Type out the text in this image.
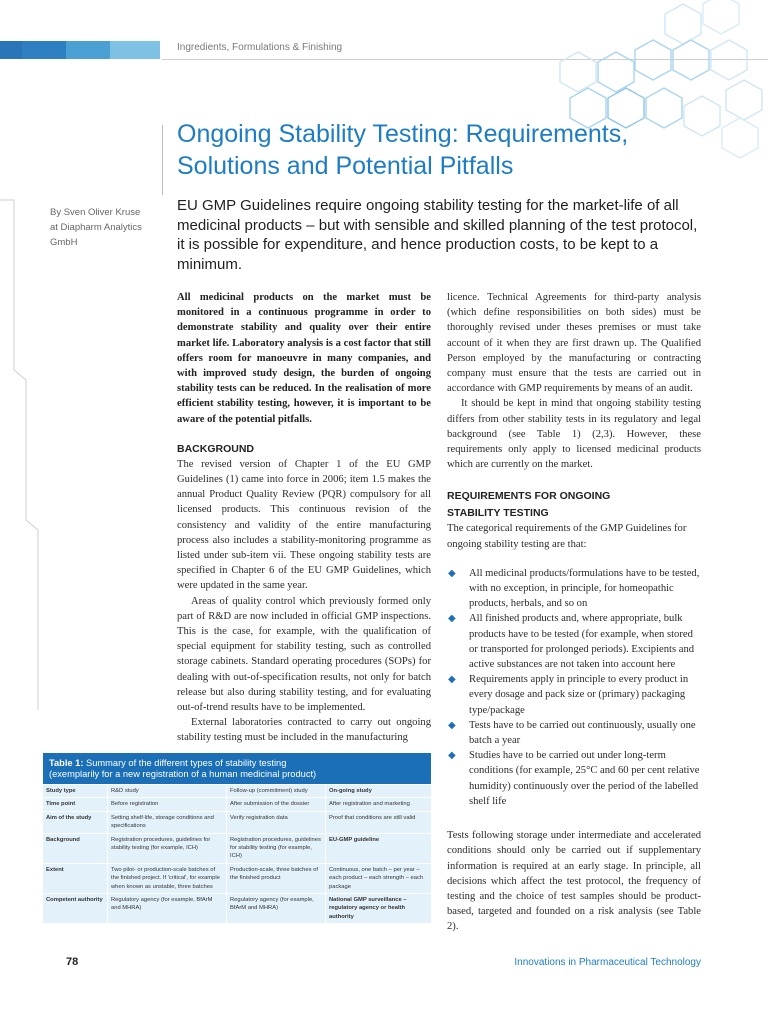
Ingredients, Formulations & Finishing
Ongoing Stability Testing: Requirements, Solutions and Potential Pitfalls
By Sven Oliver Kruse
at Diapharm Analytics
GmbH

EU GMP Guidelines require ongoing stability testing for the market-life of all medicinal products – but with sensible and skilled planning of the test protocol, it is possible for expenditure, and hence production costs, to be kept to a minimum.

All medicinal products on the market must be monitored in a continuous programme in order to demonstrate stability and quality over their entire market life. Laboratory analysis is a cost factor that still offers room for manoeuvre in many companies, and with improved study design, the burden of ongoing stability tests can be reduced. In the realisation of more efficient stability testing, however, it is important to be aware of the potential pitfalls.

BACKGROUND

The revised version of Chapter 1 of the EU GMP Guidelines (1) came into force in 2006; item 1.5 makes the annual Product Quality Review (PQR) compulsory for all licensed products. This continuous revision of the consistency and validity of the entire manufacturing process also includes a stability-monitoring programme as listed under sub-item vii. These ongoing stability tests are specified in Chapter 6 of the EU GMP Guidelines, which were updated in the same year.

Areas of quality control which previously formed only part of R&D are now included in official GMP inspections. This is the case, for example, with the qualification of special equipment for stability testing, such as controlled storage cabinets. Standard operating procedures (SOPs) for dealing with out-of-specification results, not only for batch release but also during stability testing, and for evaluating out-of-trend results have to be implemented.

External laboratories contracted to carry out ongoing stability testing must be included in the manufacturing

licence. Technical Agreements for third-party analysis (which define responsibilities on both sides) must be thoroughly revised under theses premises or must take account of it when they are first drawn up. The Qualified Person employed by the manufacturing or contracting company must ensure that the tests are carried out in accordance with GMP requirements by means of an audit.

It should be kept in mind that ongoing stability testing differs from other stability tests in its regulatory and legal background (see Table 1) (2,3). However, these requirements only apply to licensed medicinal products which are currently on the market.

REQUIREMENTS FOR ONGOING
STABILITY TESTING

The categorical requirements of the GMP Guidelines for ongoing stability testing are that:

◆ All medicinal products/formulations have to be tested, with no exception, in principle, for homeopathic products, herbals, and so on
◆ All finished products and, where appropriate, bulk products have to be tested (for example, when stored or transported for prolonged periods). Excipients and active substances are not taken into account here
◆ Requirements apply in principle to every product in every dosage and pack size or (primary) packaging type/package
◆ Tests have to be carried out continuously, usually one batch a year
◆ Studies have to be carried out under long-term conditions (for example, 25°C and 60 per cent relative humidity) continuously over the period of the labelled shelf life

Tests following storage under intermediate and accelerated conditions should only be carried out if supplementary information is required at an early stage. In principle, all decisions which affect the test protocol, the frequency of testing and the choice of test samples should be product-based, targeted and founded on a risk analysis (see Table 2).

Table 1: Summary of the different types of stability testing
(exemplarily for a new registration of a human medicinal product)
Study type	R&D study	Follow-up (commitment) study	On-going study
Time point	Before registration	After submission of the dossier	After registration and marketing
Aim of the study	Setting shelf-life, storage conditions and specifications	Verify registration data	Proof that conditions are still valid
Background	Registration procedures, guidelines for stability testing (for example, ICH)	Registration procedures, guidelines for stability testing (for example, ICH)	EU-GMP guideline
Extent	Two pilot- or production-scale batches of the finished project. If 'critical', for example when known as unstable, three batches	Production-scale, three batches of the finished product	Continuous, one batch – per year – each product – each strength – each package
Competent authority	Regulatory agency (for example, BfArM and MHRA)	Regulatory agency (for example, BfArM and MHRA)	National GMP surveillance – regulatory agency or health authority
78	Innovations in Pharmaceutical Technology
